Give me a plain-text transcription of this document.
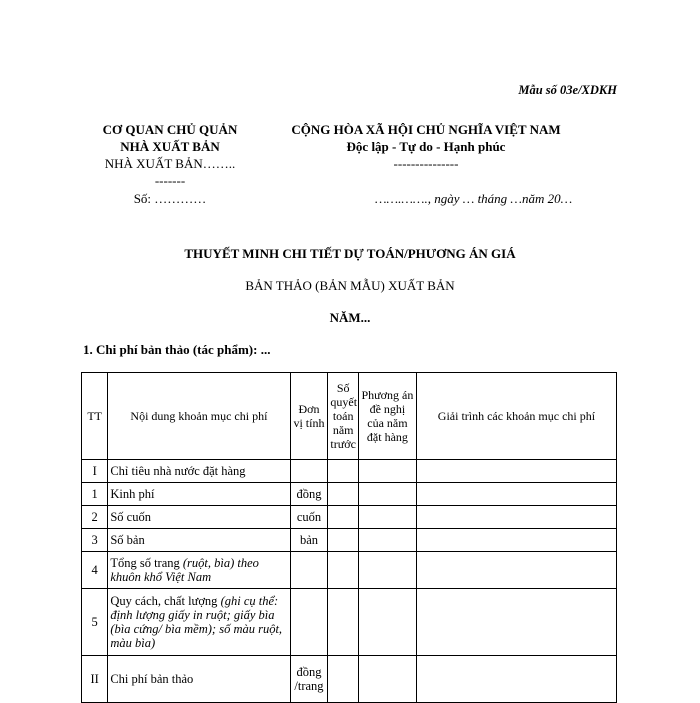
Mẫu số 03e/XDKH
CƠ QUAN CHỦ QUẢN
NHÀ XUẤT BẢN
NHÀ XUẤT BẢN……..
-------
CỘNG HÒA XÃ HỘI CHỦ NGHĨA VIỆT NAM
Độc lập - Tự do - Hạnh phúc
---------------
Số: …………	…….……., ngày … tháng …năm 20…
THUYẾT MINH CHI TIẾT DỰ TOÁN/PHƯƠNG ÁN GIÁ
BẢN THẢO (BẢN MẪU) XUẤT BẢN
NĂM...
1. Chi phí bản thảo (tác phẩm): ...
TT	Nội dung khoản mục chi phí	Đơn vị tính	Số quyết toán năm trước	Phương án đề nghị của năm đặt hàng	Giải trình các khoản mục chi phí
I	Chỉ tiêu nhà nước đặt hàng				
1	Kinh phí	đồng			
2	Số cuốn	cuốn			
3	Số bản	bản			
4	Tổng số trang (ruột, bìa) theo khuôn khổ Việt Nam				
5	Quy cách, chất lượng (ghi cụ thể: định lượng giấy in ruột; giấy bìa (bìa cứng/ bìa mềm); số màu ruột, màu bìa)				
II	Chi phí bản thảo	đồng /trang			
